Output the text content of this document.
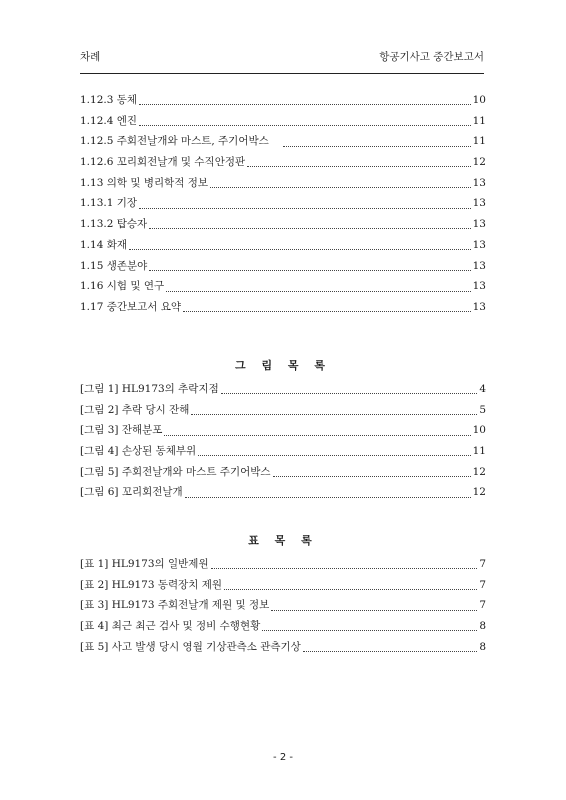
차례	항공기사고 중간보고서
1.12.3 동체	10
1.12.4 엔진	11
1.12.5 주회전날개와 마스트, 주기어박스	11
1.12.6 꼬리회전날개 및 수직안정판	12
1.13 의학 및 병리학적 정보	13
1.13.1 기장	13
1.13.2 탑승자	13
1.14 화재	13
1.15 생존분야	13
1.16 시험 및 연구	13
1.17 중간보고서 요약	13
그 림 목 록
[그림 1] HL9173의 추락지점	4
[그림 2] 추락 당시 잔해	5
[그림 3] 잔해분포	10
[그림 4] 손상된 동체부위	11
[그림 5] 주회전날개와 마스트 주기어박스	12
[그림 6] 꼬리회전날개	12
표 목 록
[표 1] HL9173의 일반제원	7
[표 2] HL9173 동력장치 제원	7
[표 3] HL9173 주회전날개 제원 및 정보	7
[표 4] 최근 최근 검사 및 정비 수행현황	8
[표 5] 사고 발생 당시 영월 기상관측소 관측기상	8
- 2 -
